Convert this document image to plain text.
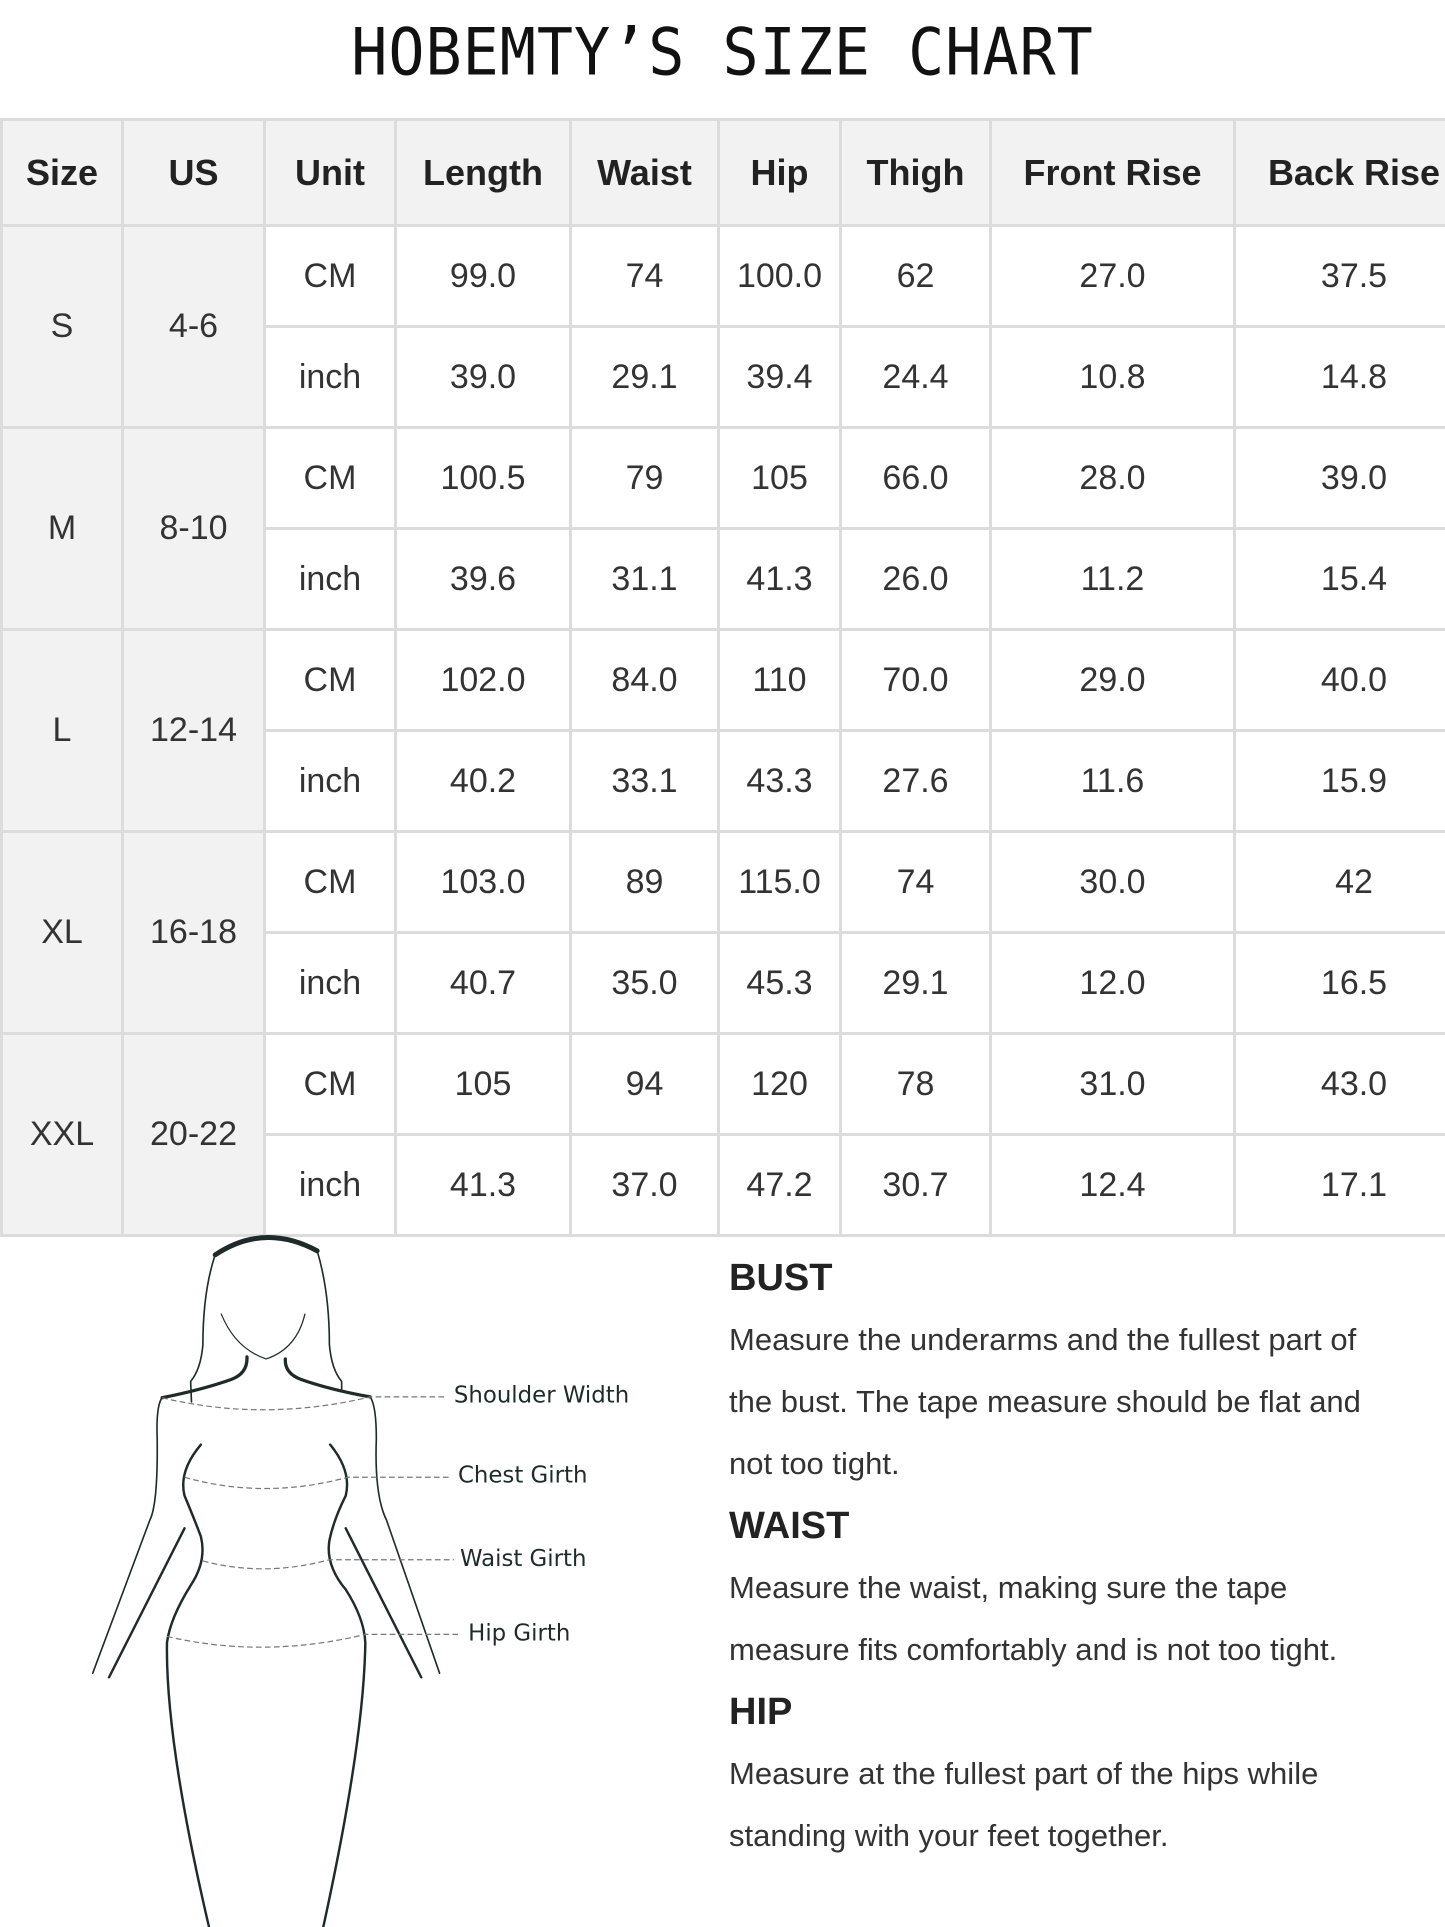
HOBEMTY’S SIZE CHART
Size	US	Unit	Length	Waist	Hip	Thigh	Front Rise	Back Rise
S	4-6
CM	99.0	74	100.0	62	27.0	37.5
inch	39.0	29.1	39.4	24.4	10.8	14.8
M	8-10
CM	100.5	79	105	66.0	28.0	39.0
inch	39.6	31.1	41.3	26.0	11.2	15.4
L	12-14
CM	102.0	84.0	110	70.0	29.0	40.0
inch	40.2	33.1	43.3	27.6	11.6	15.9
XL	16-18
CM	103.0	89	115.0	74	30.0	42
inch	40.7	35.0	45.3	29.1	12.0	16.5
XXL	20-22
CM	105	94	120	78	31.0	43.0
inch	41.3	37.0	47.2	30.7	12.4	17.1
Shoulder Width
Chest Girth
Waist Girth
Hip Girth
BUST
Measure the underarms and the fullest part of
the bust. The tape measure should be flat and
not too tight.
WAIST
Measure the waist, making sure the tape
measure fits comfortably and is not too tight.
HIP
Measure at the fullest part of the hips while
standing with your feet together.
